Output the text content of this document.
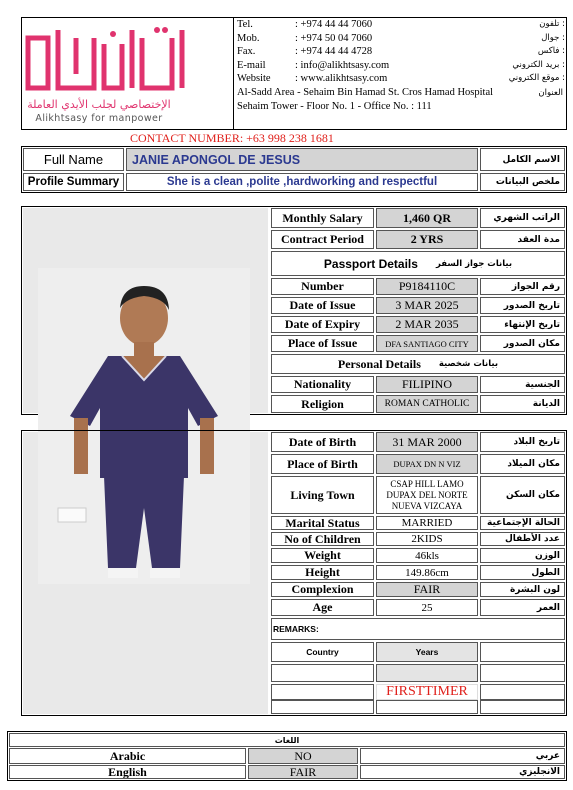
الإختصاصي لجلب الأيدي العاملة
Alikhtsasy for manpower
Tel.	: +974 44 44 7060	تلفون :
Mob.	: +974 50 04 7060	جوال :
Fax.	: +974 44 44 4728	فاكس :
E-mail	: info@alikhtsasy.com	بريد الكتروني :
Website : www.alikhtsasy.com	موقع الكتروني :
Al-Sadd Area - Sehaim Bin Hamad St. Cros Hamad Hospital	العنوان
Sehaim Tower - Floor No. 1 - Office No. : 111
CONTACT NUMBER: +63 998 238 1681
Full Name	JANIE APONGOL DE JESUS	الاسم الكامل
Profile Summary	She is a clean ,polite ,hardworking and respectful	ملخص البيانات
Monthly Salary	1,460 QR	الراتب الشهري
Contract Period	2 YRS	مدة العقد
Passport Details بيانات جواز السفر
Number	P9184110C	رقم الجواز
Date of Issue	3 MAR 2025	تاريخ الصدور
Date of Expiry	2 MAR 2035	تاريخ الإنتهاء
Place of Issue	DFA SANTIAGO CITY	مكان الصدور
Personal Details بيانات شخصية
Nationality	FILIPINO	الجنسية
Religion	ROMAN CATHOLIC	الديانة
Date of Birth	31 MAR 2000	تاريخ البلاد
Place of Birth	DUPAX DN N VIZ	مكان الميلاد
Living Town
CSAP HILL LAMO
DUPAX DEL NORTE
NUEVA VIZCAYA
مكان السكن
Marital Status	MARRIED	الحالة الإجتماعية
No of Children	2KIDS	عدد الأطفال
Weight	46kls	الوزن
Height	149.86cm	الطول
Complexion	FAIR	لون البشرة
Age	25	العمر
REMARKS:
Country	Years
FIRSTTIMER
اللغات
Arabic	NO	عربي
English	FAIR	الانجليزي
